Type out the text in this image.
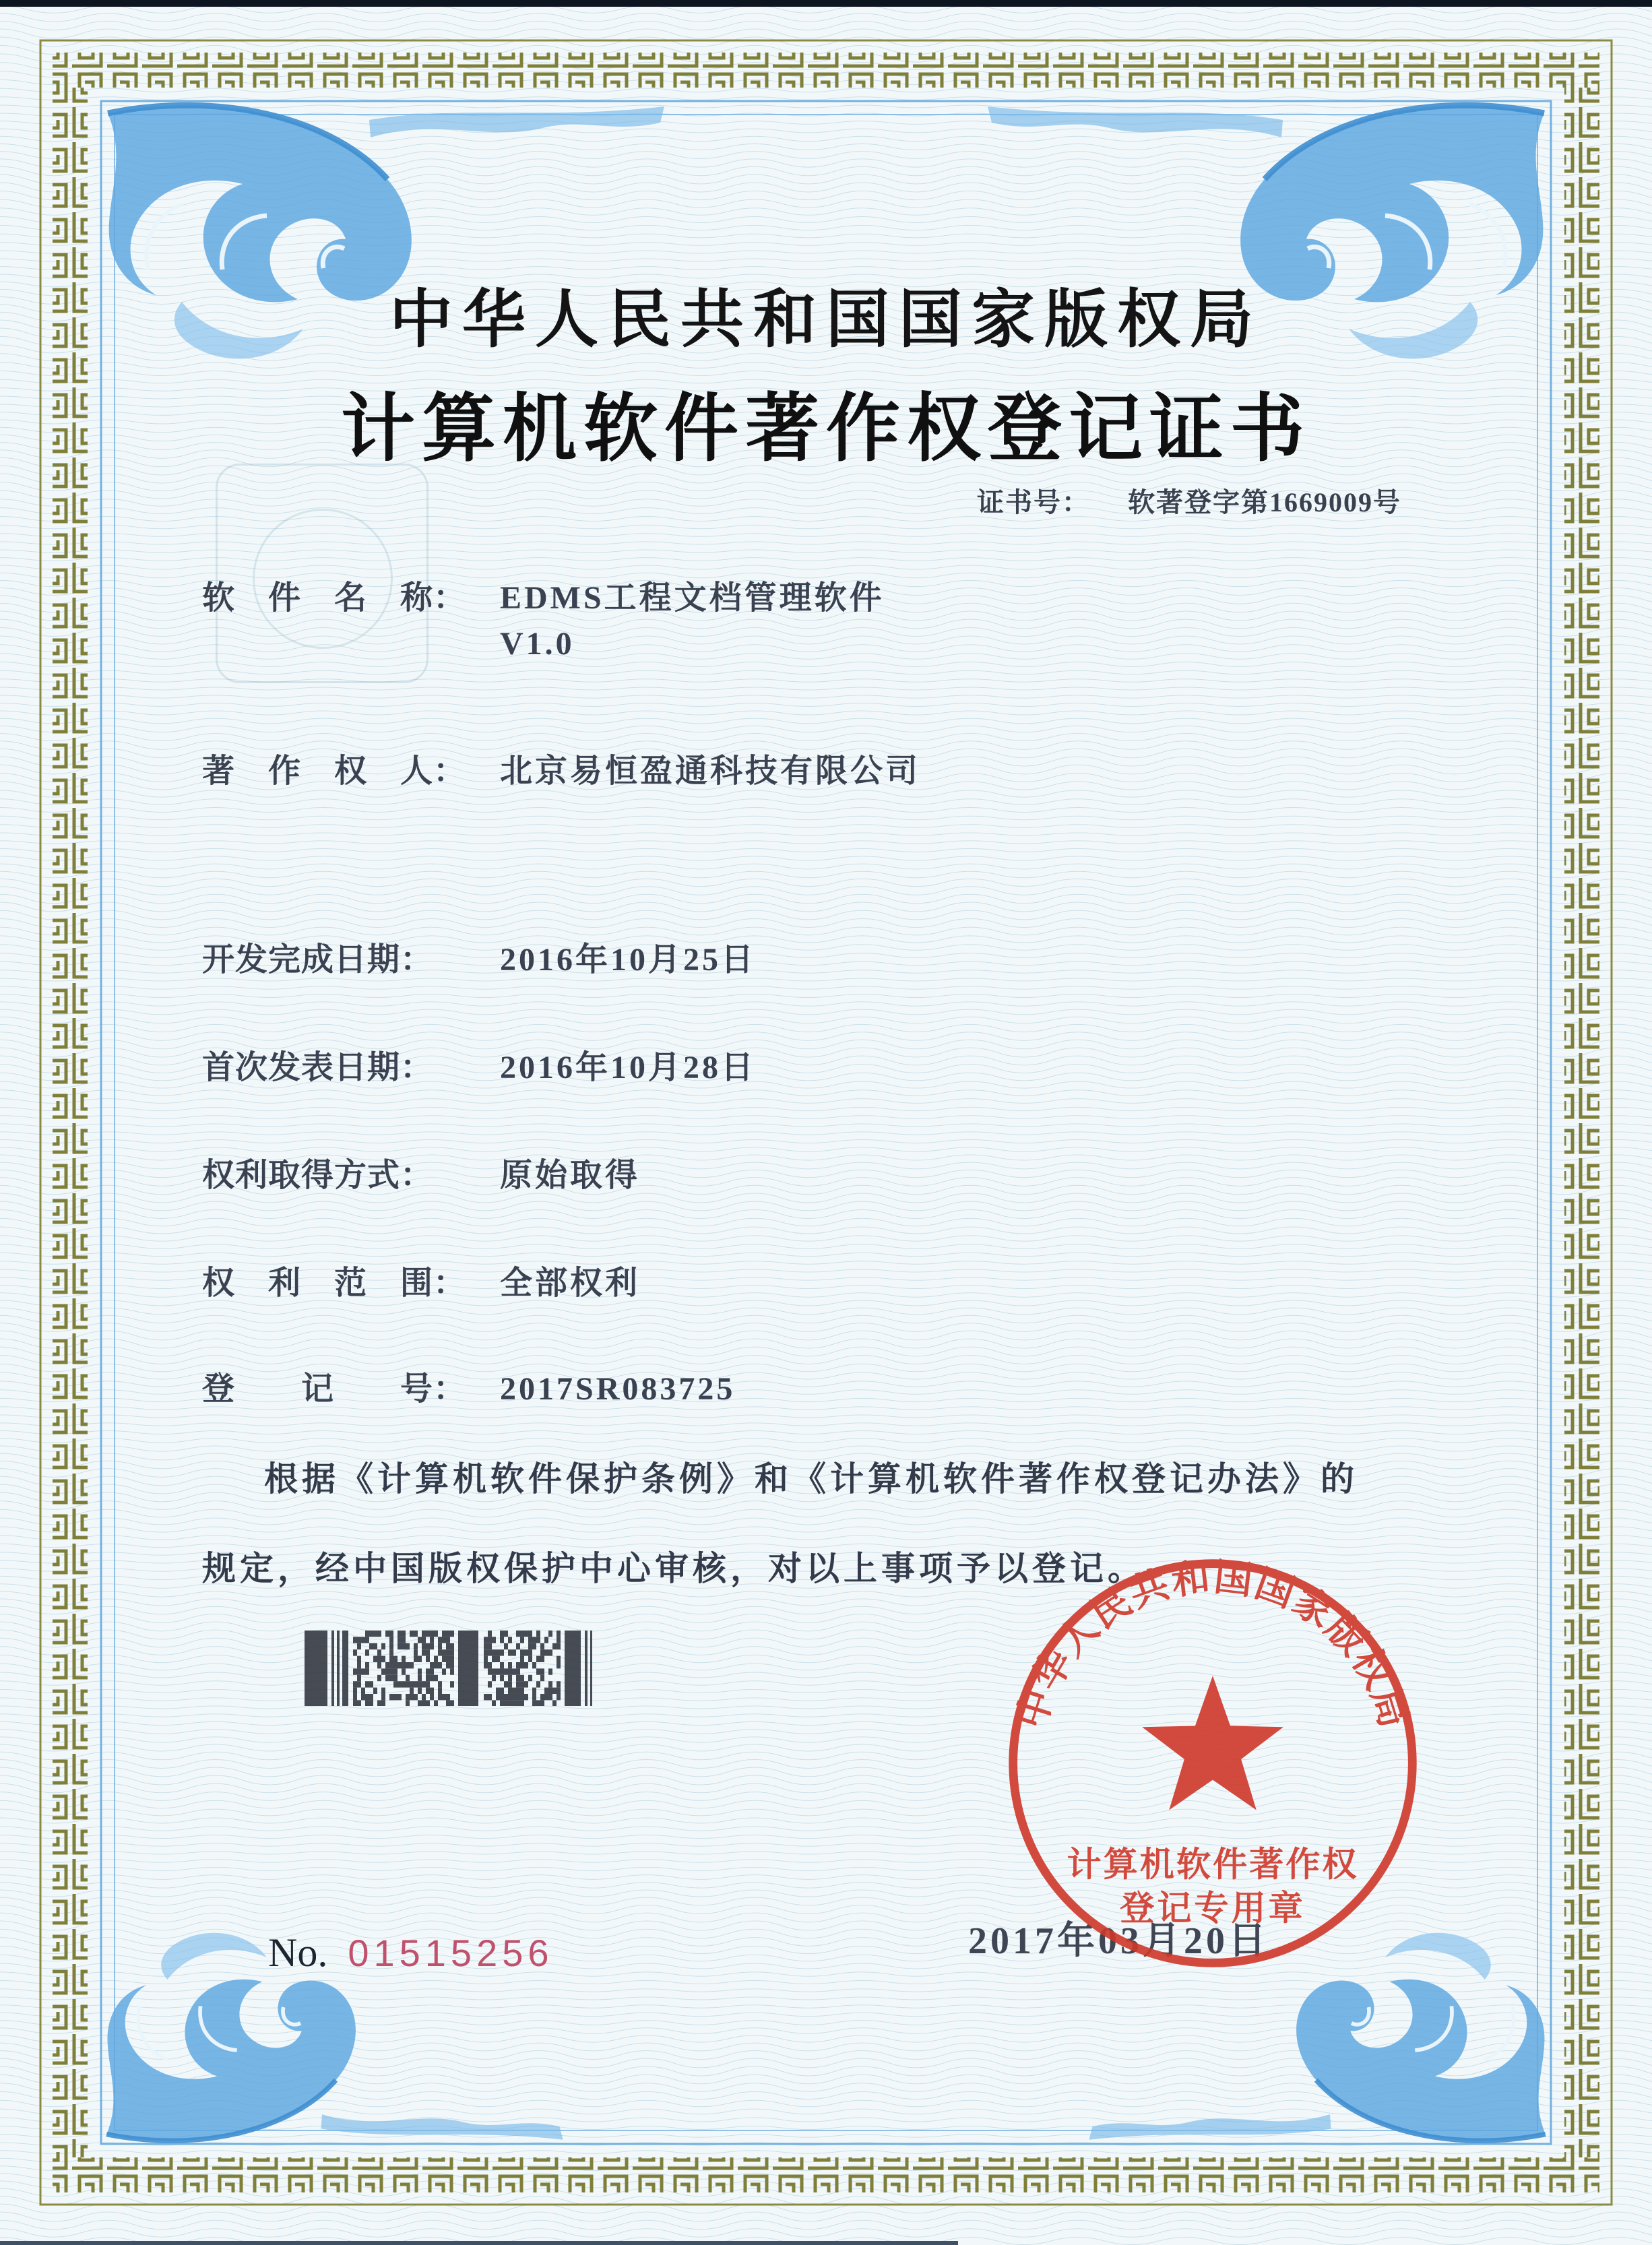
中华人民共和国国家版权局
计算机软件著作权登记证书
证书号： 软著登字第1669009号
软　件　名　称： EDMS工程文档管理软件
V1.0
著　作　权　人： 北京易恒盈通科技有限公司
开发完成日期： 2016年10月25日
首次发表日期： 2016年10月28日
权利取得方式： 原始取得
权　利　范　围： 全部权利
登　　记　　号： 2017SR083725
根据《计算机软件保护条例》和《计算机软件著作权登记办法》的
规定，经中国版权保护中心审核，对以上事项予以登记。
中华人民共和国国家版权局
计算机软件著作权
登记专用章
2017年03月20日
No. 01515256
